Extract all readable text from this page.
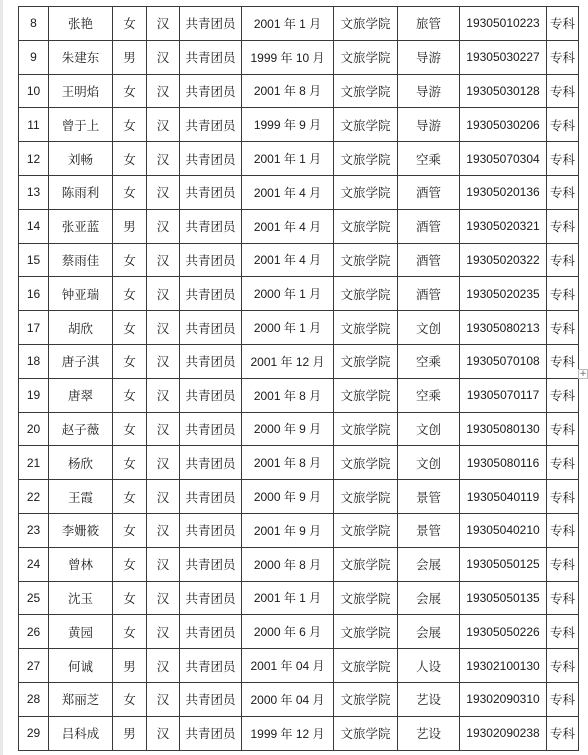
8	张艳	女	汉	共青团员	2001 年 1 月	文旅学院	旅管	19305010223	专科
9	朱建东	男	汉	共青团员	1999 年 10 月	文旅学院	导游	19305030227	专科
10	王明焰	女	汉	共青团员	2001 年 8 月	文旅学院	导游	19305030128	专科
11	曾于上	女	汉	共青团员	1999 年 9 月	文旅学院	导游	19305030206	专科
12	刘畅	女	汉	共青团员	2001 年 1 月	文旅学院	空乘	19305070304	专科
13	陈雨利	女	汉	共青团员	2001 年 4 月	文旅学院	酒管	19305020136	专科
14	张亚蓝	男	汉	共青团员	2001 年 4 月	文旅学院	酒管	19305020321	专科
15	蔡雨佳	女	汉	共青团员	2001 年 4 月	文旅学院	酒管	19305020322	专科
16	钟亚瑞	女	汉	共青团员	2000 年 1 月	文旅学院	酒管	19305020235	专科
17	胡欣	女	汉	共青团员	2000 年 1 月	文旅学院	文创	19305080213	专科
18	唐子淇	女	汉	共青团员	2001 年 12 月	文旅学院	空乘	19305070108	专科
19	唐翠	女	汉	共青团员	2001 年 8 月	文旅学院	空乘	19305070117	专科
20	赵子薇	女	汉	共青团员	2000 年 9 月	文旅学院	文创	19305080130	专科
21	杨欣	女	汉	共青团员	2001 年 8 月	文旅学院	文创	19305080116	专科
22	王霞	女	汉	共青团员	2000 年 9 月	文旅学院	景管	19305040119	专科
23	李姗筱	女	汉	共青团员	2001 年 9 月	文旅学院	景管	19305040210	专科
24	曾林	女	汉	共青团员	2000 年 8 月	文旅学院	会展	19305050125	专科
25	沈玉	女	汉	共青团员	2001 年 1 月	文旅学院	会展	19305050135	专科
26	黄园	女	汉	共青团员	2000 年 6 月	文旅学院	会展	19305050226	专科
27	何诚	男	汉	共青团员	2001 年 04 月	文旅学院	人设	19302100130	专科
28	郑丽芝	女	汉	共青团员	2000 年 04 月	文旅学院	艺设	19302090310	专科
29	吕科成	男	汉	共青团员	1999 年 12 月	文旅学院	艺设	19302090238	专科
+
